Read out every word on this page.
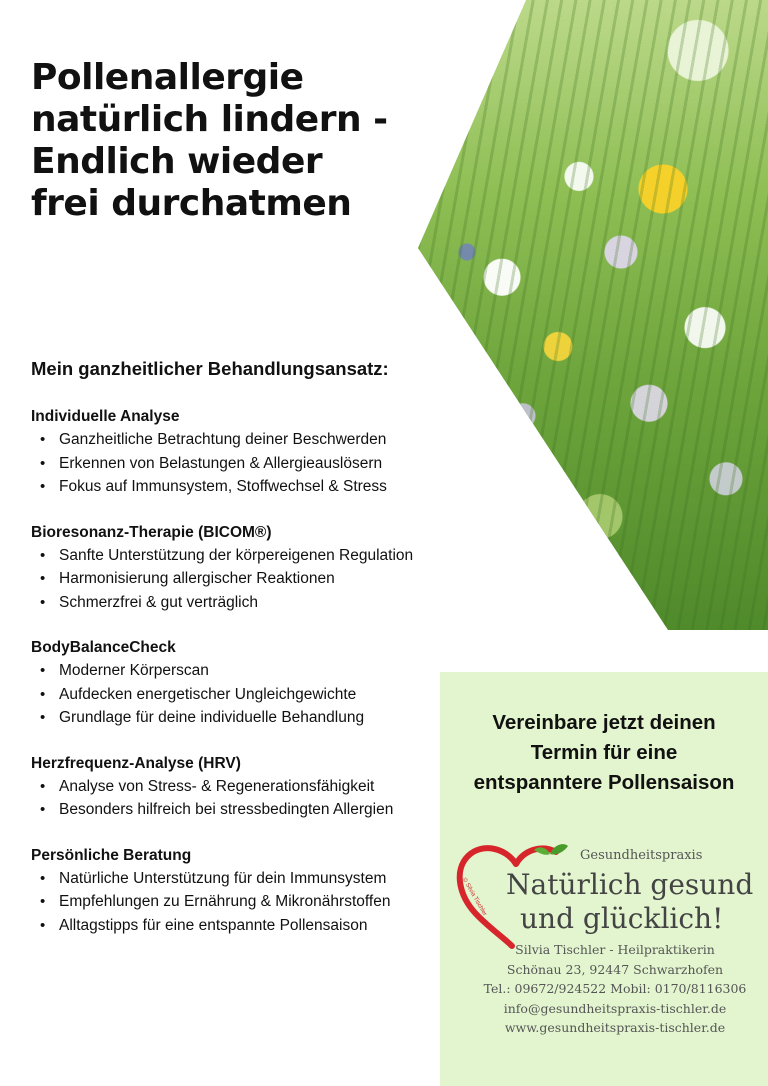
Pollenallergie
natürlich lindern -
Endlich wieder
frei durchatmen
Mein ganzheitlicher Behandlungsansatz:
Individuelle Analyse
• Ganzheitliche Betrachtung deiner Beschwerden
• Erkennen von Belastungen & Allergieauslösern
• Fokus auf Immunsystem, Stoffwechsel & Stress
Bioresonanz-Therapie (BICOM®)
• Sanfte Unterstützung der körpereigenen Regulation
• Harmonisierung allergischer Reaktionen
• Schmerzfrei & gut verträglich
BodyBalanceCheck
• Moderner Körperscan
• Aufdecken energetischer Ungleichgewichte
• Grundlage für deine individuelle Behandlung
Herzfrequenz-Analyse (HRV)
• Analyse von Stress- & Regenerationsfähigkeit
• Besonders hilfreich bei stressbedingten Allergien
Persönliche Beratung
• Natürliche Unterstützung für dein Immunsystem
• Empfehlungen zu Ernährung & Mikronährstoffen
• Alltagstipps für eine entspannte Pollensaison
Vereinbare jetzt deinen
Termin für eine
entspanntere Pollensaison
© Silvia Tischler
Gesundheitspraxis
Natürlich gesund
und glücklich!
Silvia Tischler - Heilpraktikerin
Schönau 23, 92447 Schwarzhofen
Tel.: 09672/924522 Mobil: 0170/8116306
info@gesundheitspraxis-tischler.de
www.gesundheitspraxis-tischler.de
